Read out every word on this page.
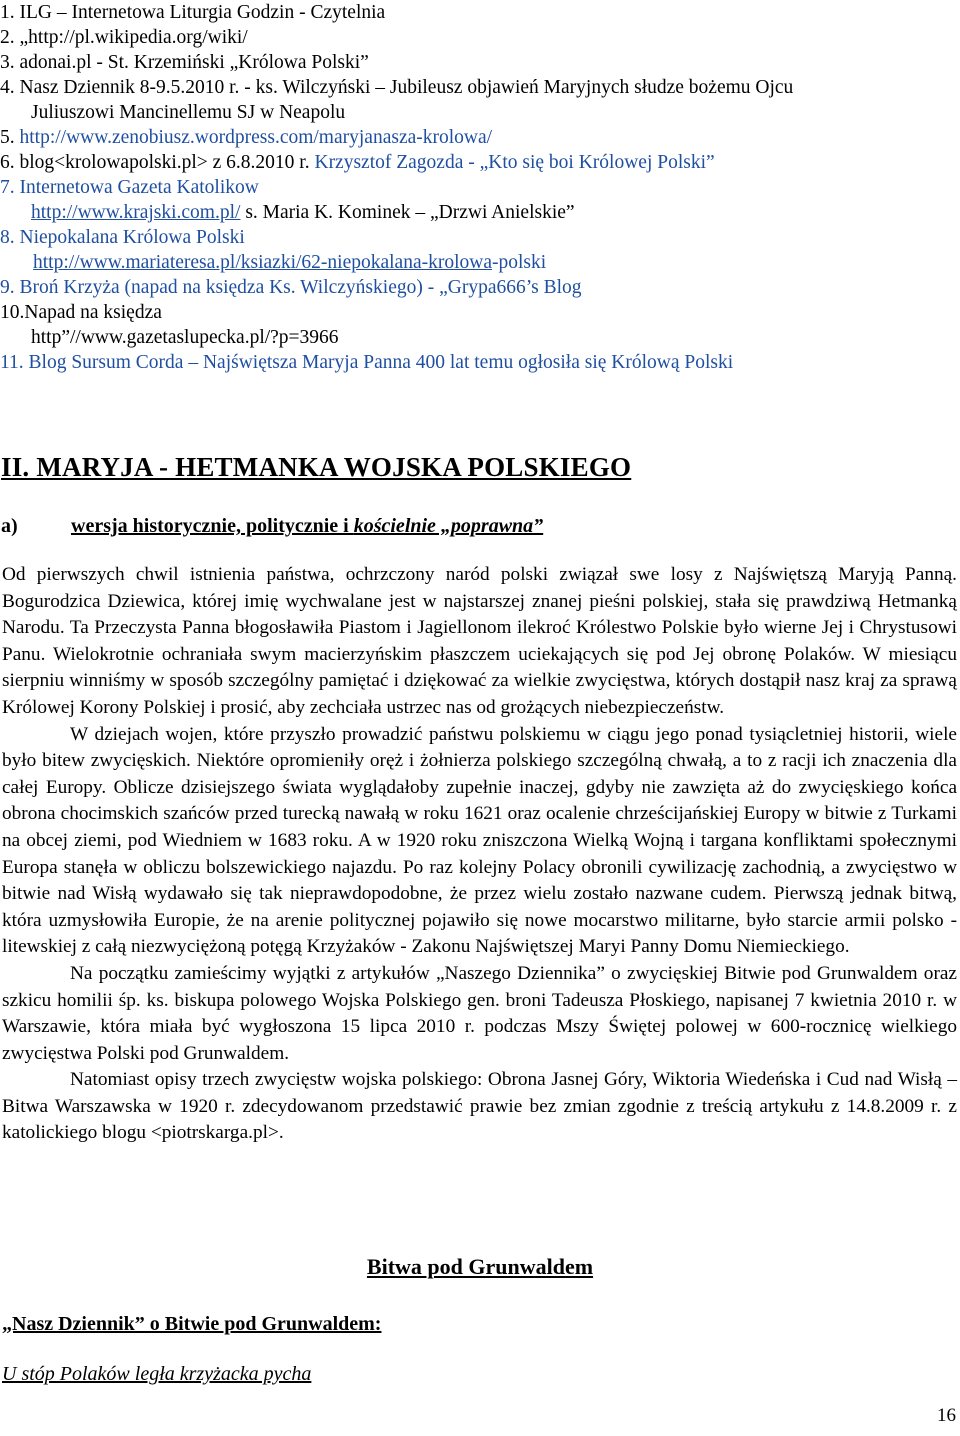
1. ILG – Internetowa Liturgia Godzin - Czytelnia
2. „http://pl.wikipedia.org/wiki/
3. adonai.pl - St. Krzemiński „Królowa Polski”
4. Nasz Dziennik 8-9.5.2010 r. - ks. Wilczyński – Jubileusz objawień Maryjnych słudze bożemu Ojcu
Juliuszowi Mancinellemu SJ w Neapolu
5. http://www.zenobiusz.wordpress.com/maryjanasza-krolowa/
6. blog<krolowapolski.pl> z 6.8.2010 r. Krzysztof Zagozda - „Kto się boi Królowej Polski”
7. Internetowa Gazeta Katolikow
http://www.krajski.com.pl/ s. Maria K. Kominek – „Drzwi Anielskie”
8. Niepokalana Królowa Polski
http://www.mariateresa.pl/ksiazki/62-niepokalana-krolowa-polski
9. Broń Krzyża (napad na księdza Ks. Wilczyńskiego) - „Grypa666’s Blog
10.Napad na księdza
http”//www.gazetaslupecka.pl/?p=3966
11. Blog Sursum Corda – Najświętsza Maryja Panna 400 lat temu ogłosiła się Królową Polski
II. MARYJA - HETMANKA WOJSKA POLSKIEGO
a)	wersja historycznie, politycznie i kościelnie „poprawna”

Od pierwszych chwil istnienia państwa, ochrzczony naród polski związał swe losy z Najświętszą Maryją Panną. Bogurodzica Dziewica, której imię wychwalane jest w najstarszej znanej pieśni polskiej, stała się prawdziwą Hetmanką Narodu. Ta Przeczysta Panna błogosławiła Piastom i Jagiellonom ilekroć Królestwo Polskie było wierne Jej i Chrystusowi Panu. Wielokrotnie ochraniała swym macierzyńskim płaszczem uciekających się pod Jej obronę Polaków. W miesiącu sierpniu winniśmy w sposób szczególny pamiętać i dziękować za wielkie zwycięstwa, których dostąpił nasz kraj za sprawą Królowej Korony Polskiej i prosić, aby zechciała ustrzec nas od grożących niebezpieczeństw.

W dziejach wojen, które przyszło prowadzić państwu polskiemu w ciągu jego ponad tysiącletniej historii, wiele było bitew zwycięskich. Niektóre opromieniły oręż i żołnierza polskiego szczególną chwałą, a to z racji ich znaczenia dla całej Europy. Oblicze dzisiejszego świata wyglądałoby zupełnie inaczej, gdyby nie zawzięta aż do zwycięskiego końca obrona chocimskich szańców przed turecką nawałą w roku 1621 oraz ocalenie chrześcijańskiej Europy w bitwie z Turkami na obcej ziemi, pod Wiedniem w 1683 roku. A w 1920 roku zniszczona Wielką Wojną i targana konfliktami społecznymi Europa stanęła w obliczu bolszewickiego najazdu. Po raz kolejny Polacy obronili cywilizację zachodnią, a zwycięstwo w bitwie nad Wisłą wydawało się tak nieprawdopodobne, że przez wielu zostało nazwane cudem. Pierwszą jednak bitwą, która uzmysłowiła Europie, że na arenie politycznej pojawiło się nowe mocarstwo militarne, było starcie armii polsko - litewskiej z całą niezwyciężoną potęgą Krzyżaków - Zakonu Najświętszej Maryi Panny Domu Niemieckiego.

Na początku zamieścimy wyjątki z artykułów „Naszego Dziennika” o zwycięskiej Bitwie pod Grunwaldem oraz szkicu homilii śp. ks. biskupa polowego Wojska Polskiego gen. broni Tadeusza Płoskiego, napisanej 7 kwietnia 2010 r. w Warszawie, która miała być wygłoszona 15 lipca 2010 r. podczas Mszy Świętej polowej w 600-rocznicę wielkiego zwycięstwa Polski pod Grunwaldem.

Natomiast opisy trzech zwycięstw wojska polskiego: Obrona Jasnej Góry, Wiktoria Wiedeńska i Cud nad Wisłą – Bitwa Warszawska w 1920 r. zdecydowanom przedstawić prawie bez zmian zgodnie z treścią artykułu z 14.8.2009 r. z katolickiego blogu <piotrskarga.pl>.

Bitwa pod Grunwaldem
„Nasz Dziennik” o Bitwie pod Grunwaldem:
U stóp Polaków legła krzyżacka pycha
16
